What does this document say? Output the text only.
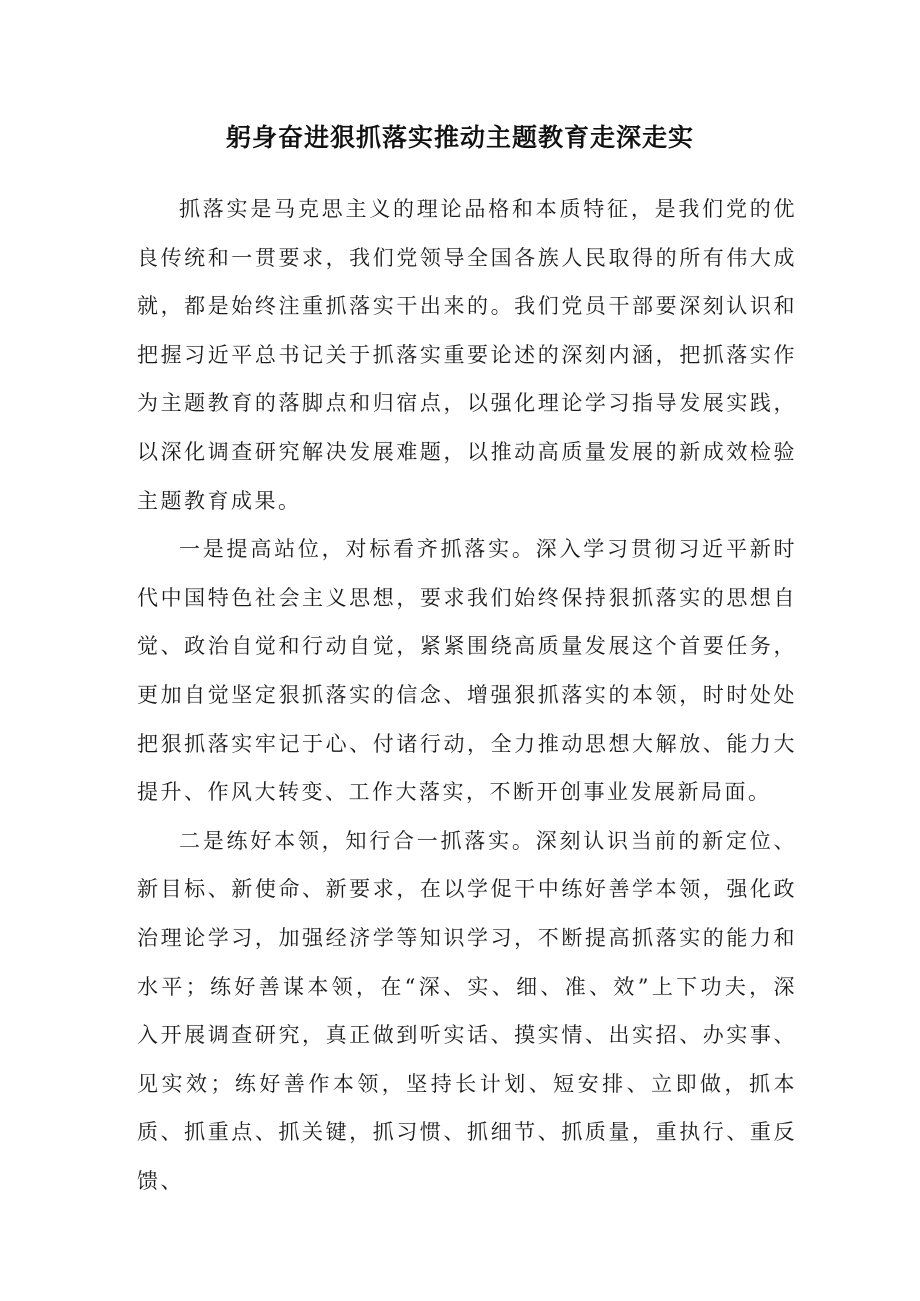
躬身奋进狠抓落实推动主题教育走深走实

抓落实是马克思主义的理论品格和本质特征，是我们党的优良传统和一贯要求，我们党领导全国各族人民取得的所有伟大成就，都是始终注重抓落实干出来的。我们党员干部要深刻认识和把握习近平总书记关于抓落实重要论述的深刻内涵，把抓落实作为主题教育的落脚点和归宿点，以强化理论学习指导发展实践，以深化调查研究解决发展难题，以推动高质量发展的新成效检验主题教育成果。

一是提高站位，对标看齐抓落实。深入学习贯彻习近平新时代中国特色社会主义思想，要求我们始终保持狠抓落实的思想自觉、政治自觉和行动自觉，紧紧围绕高质量发展这个首要任务，更加自觉坚定狠抓落实的信念、增强狠抓落实的本领，时时处处把狠抓落实牢记于心、付诸行动，全力推动思想大解放、能力大提升、作风大转变、工作大落实，不断开创事业发展新局面。

二是练好本领，知行合一抓落实。深刻认识当前的新定位、新目标、新使命、新要求，在以学促干中练好善学本领，强化政治理论学习，加强经济学等知识学习，不断提高抓落实的能力和水平；练好善谋本领，在“深、实、细、准、效”上下功夫，深入开展调查研究，真正做到听实话、摸实情、出实招、办实事、见实效；练好善作本领，坚持长计划、短安排、立即做，抓本质、抓重点、抓关键，抓习惯、抓细节、抓质量，重执行、重反馈、
